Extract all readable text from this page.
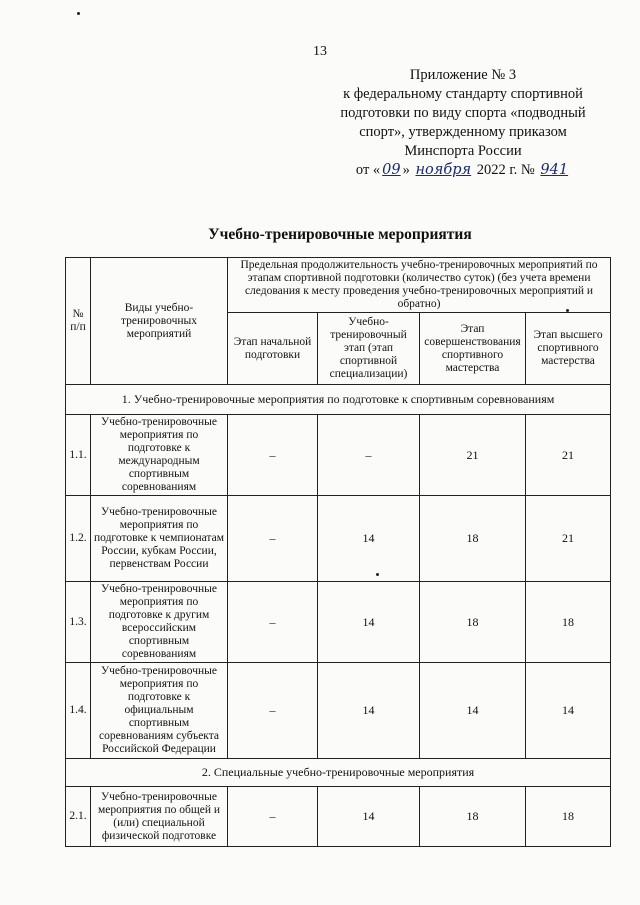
13
Приложение № 3
к федеральному стандарту спортивной
подготовки по виду спорта «подводный
спорт», утвержденному приказом
Минспорта России
от « 09 » ноября 2022 г. № 941
Учебно-тренировочные мероприятия
№ п/п	Виды учебно-тренировочных мероприятий	Предельная продолжительность учебно-тренировочных мероприятий по этапам спортивной подготовки (количество суток) (без учета времени следования к месту проведения учебно-тренировочных мероприятий и обратно)			
		Этап начальной подготовки	Учебно-тренировочный этап (этап спортивной специализации)	Этап совершенствования спортивного мастерства	Этап высшего спортивного мастерства
1. Учебно-тренировочные мероприятия по подготовке к спортивным соревнованиям					
1.1.	Учебно-тренировочные мероприятия по подготовке к международным спортивным соревнованиям	–	–	21	21
1.2.	Учебно-тренировочные мероприятия по подготовке к чемпионатам России, кубкам России, первенствам России	–	14	18	21
1.3.	Учебно-тренировочные мероприятия по подготовке к другим всероссийским спортивным соревнованиям	–	14	18	18
1.4.	Учебно-тренировочные мероприятия по подготовке к официальным спортивным соревнованиям субъекта Российской Федерации	–	14	14	14
2. Специальные учебно-тренировочные мероприятия					
2.1.	Учебно-тренировочные мероприятия по общей и (или) специальной физической подготовке	–	14	18	18
